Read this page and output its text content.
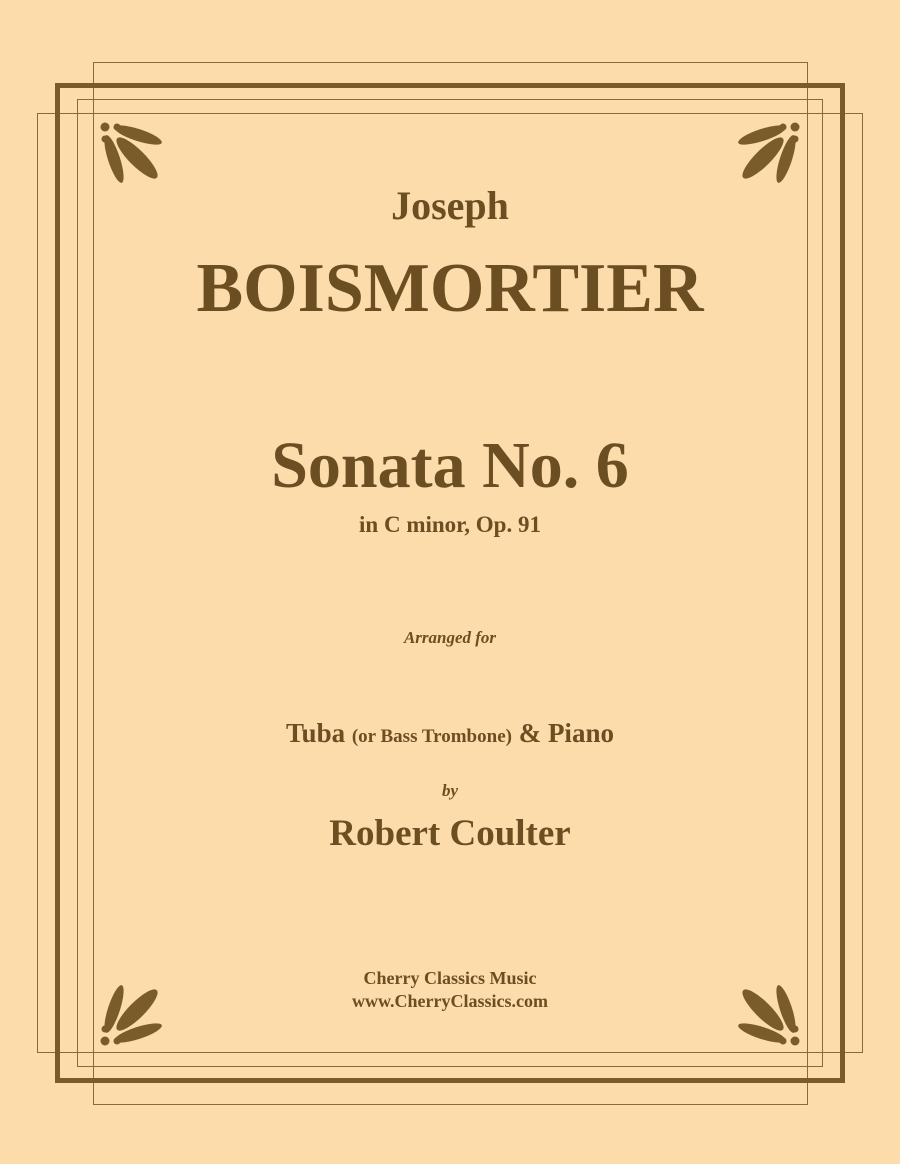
Joseph
BOISMORTIER
Sonata No. 6
in C minor, Op. 91
Arranged for
Tuba (or Bass Trombone) & Piano
by
Robert Coulter
Cherry Classics Music
www.CherryClassics.com
